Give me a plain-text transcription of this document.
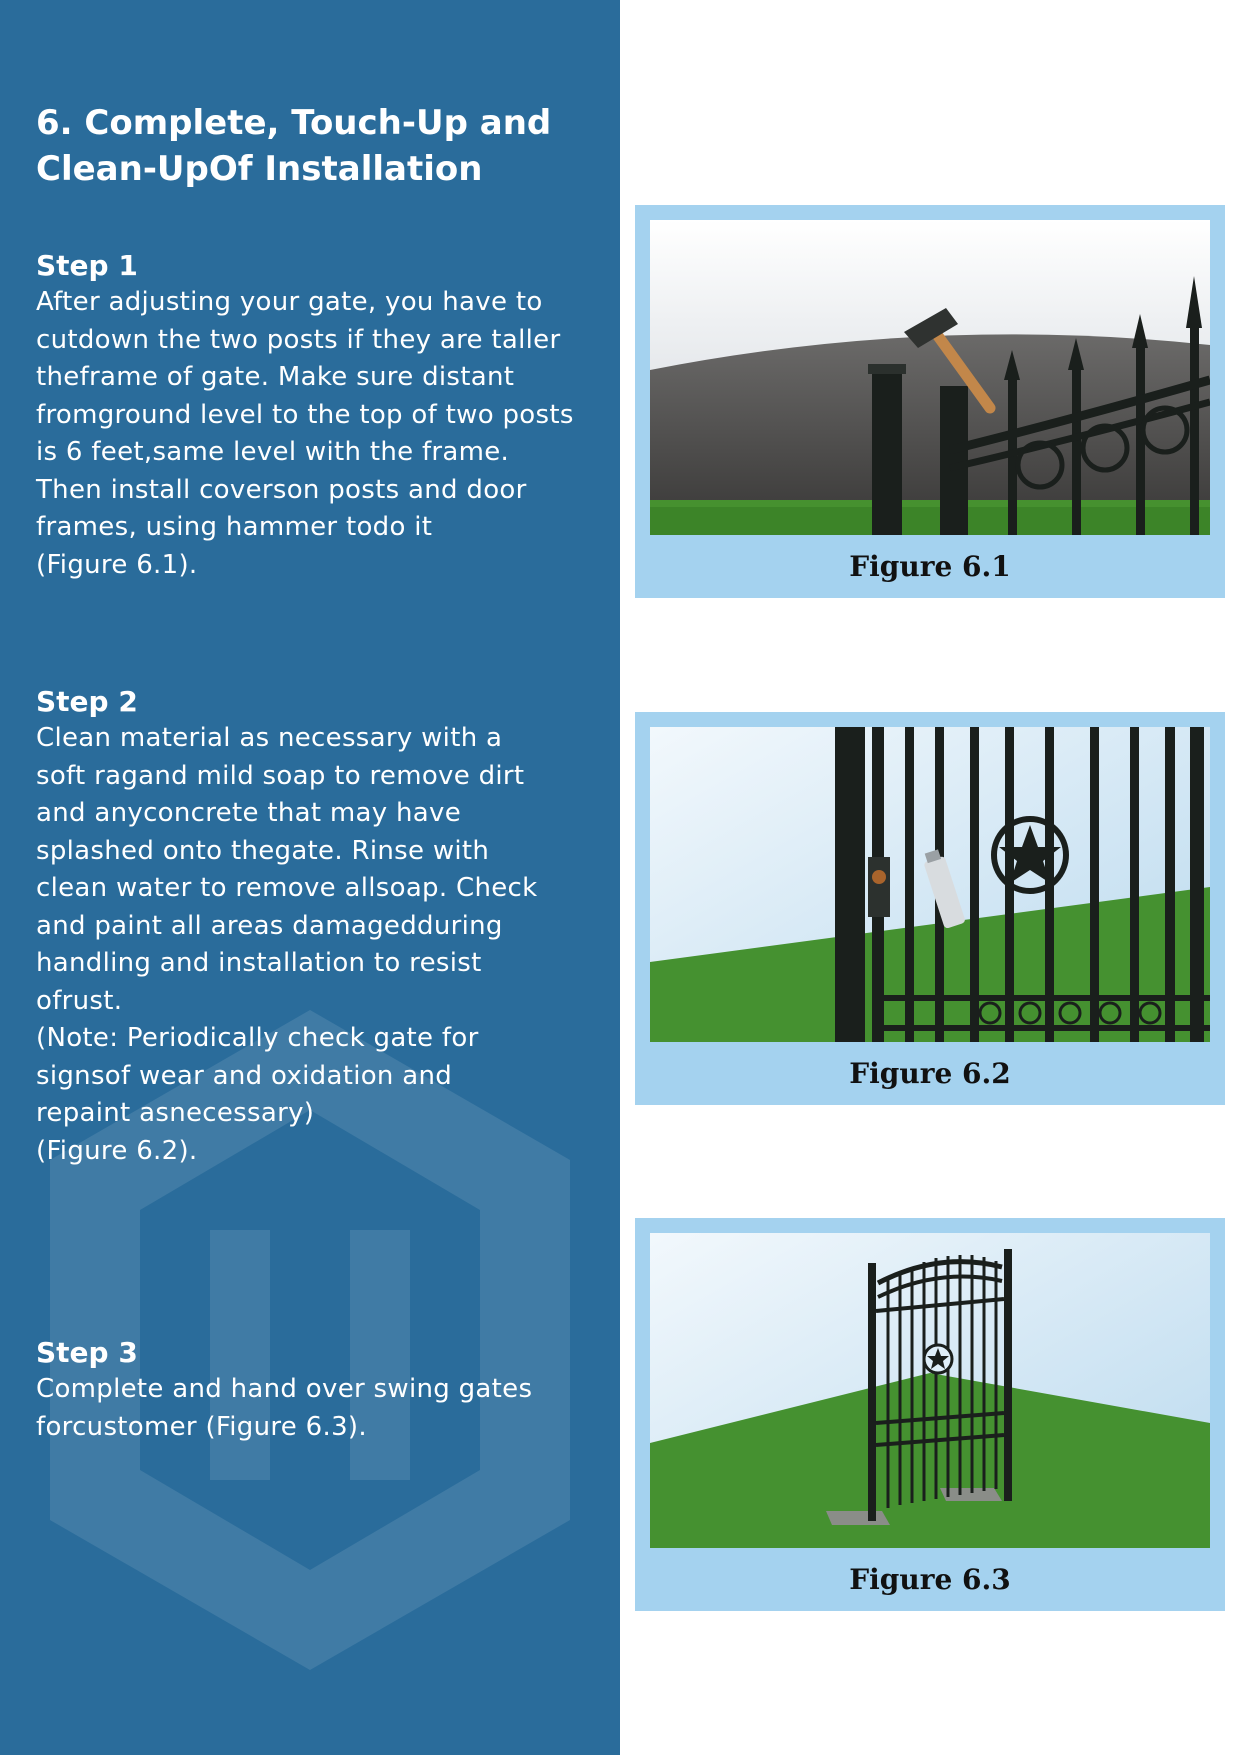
6. Complete, Touch-Up and
Clean-UpOf Installation
Step 1
After adjusting your gate, you have to
cutdown the two posts if they are taller
theframe of gate. Make sure distant
fromground level to the top of two posts
is 6 feet,same level with the frame.
Then install coverson posts and door
frames, using hammer todo it
(Figure 6.1).
Step 2
Clean material as necessary with a
soft ragand mild soap to remove dirt
and anyconcrete that may have
splashed onto thegate. Rinse with
clean water to remove allsoap. Check
and paint all areas damagedduring
handling and installation to resist
ofrust.
(Note: Periodically check gate for
signsof wear and oxidation and
repaint asnecessary)
(Figure 6.2).
Step 3
Complete and hand over swing gates
forcustomer (Figure 6.3).
Figure 6.1
Figure 6.2
Figure 6.3
